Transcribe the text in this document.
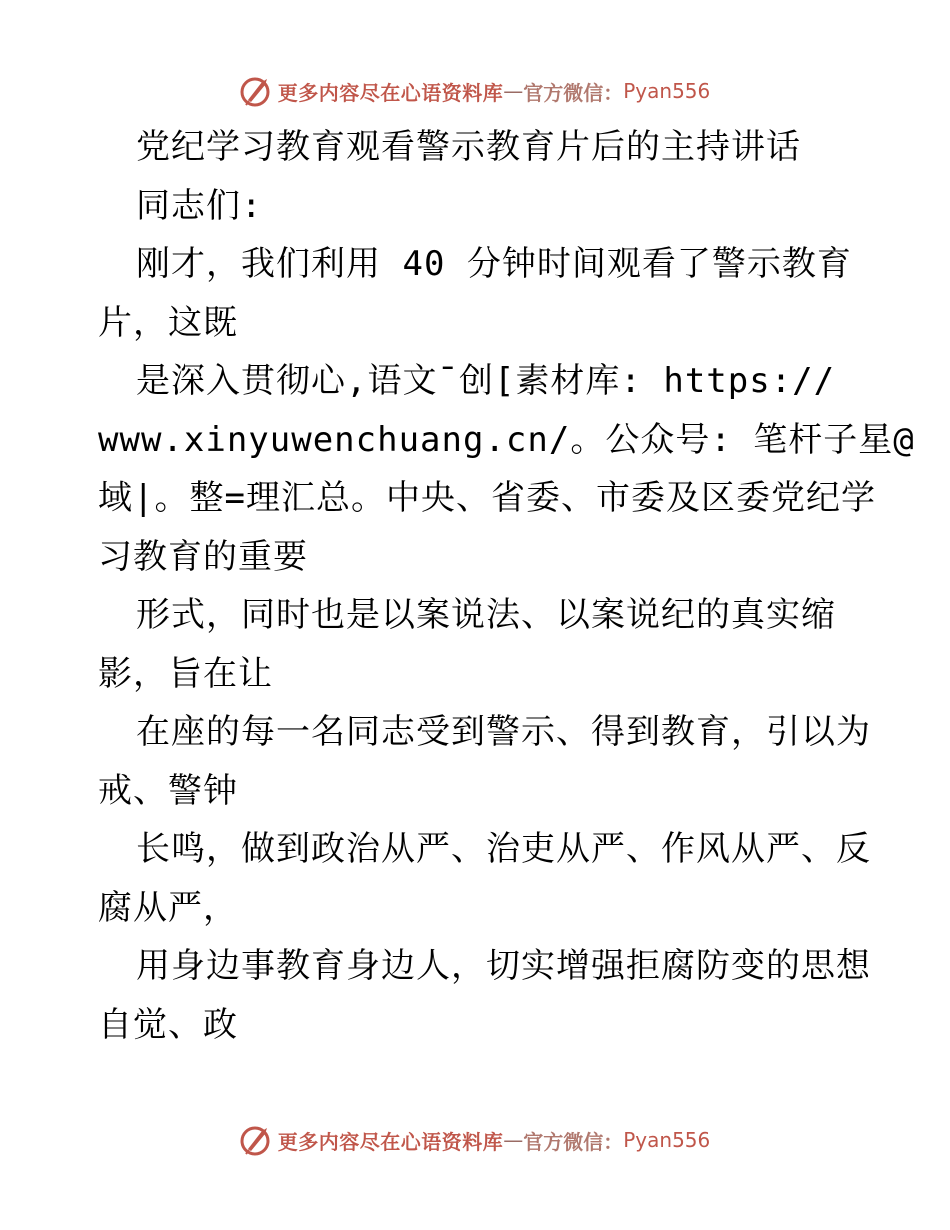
更多内容尽在心语资料库 — 官方微信： Pyan556
党纪学习教育观看警示教育片后的主持讲话
同志们:
刚才，我们利用 40 分钟时间观看了警示教育
片，这既
是深入贯彻心,语文¯创[素材库: https://
www.xinyuwenchuang.cn/。公众号: 笔杆子星@
域|。整=理汇总。中央、省委、市委及区委党纪学
习教育的重要
形式，同时也是以案说法、以案说纪的真实缩
影，旨在让
在座的每一名同志受到警示、得到教育，引以为
戒、警钟
长鸣，做到政治从严、治吏从严、作风从严、反
腐从严，
用身边事教育身边人，切实增强拒腐防变的思想
自觉、政
更多内容尽在心语资料库 — 官方微信： Pyan556
